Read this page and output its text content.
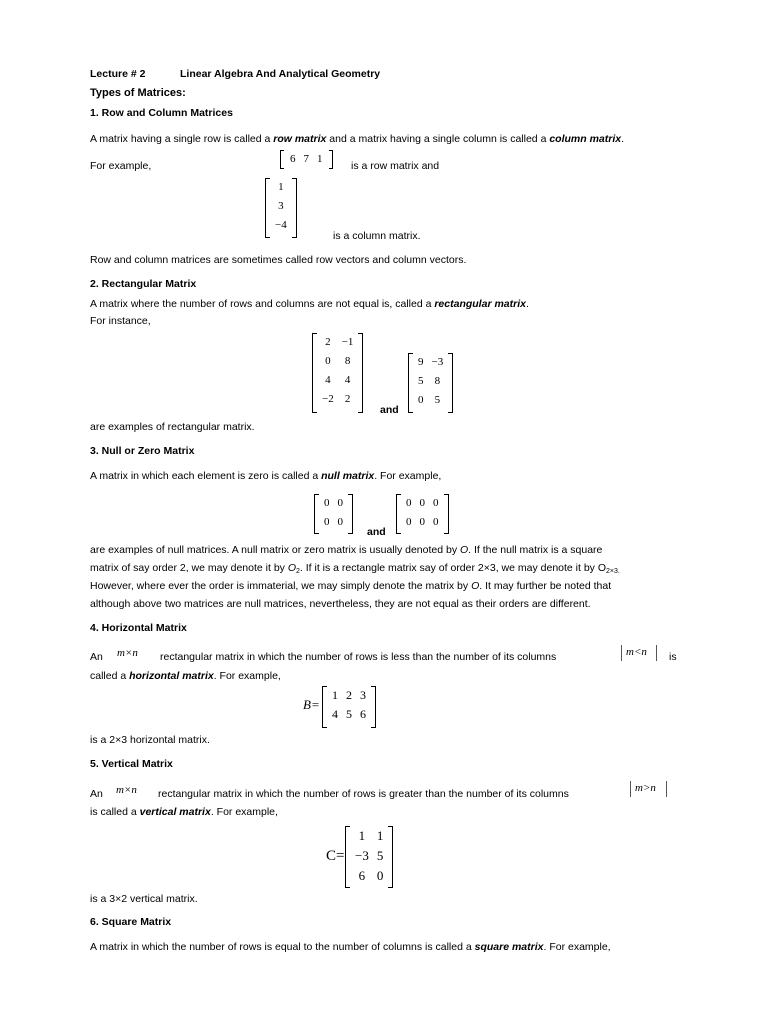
Lecture # 2	Linear Algebra And Analytical Geometry
Types of Matrices:
1. Row and Column Matrices
A matrix having a single row is called a row matrix and a matrix having a single column is called a column matrix.
For example,
6	7	1
is a row matrix and
1
3
−4
is a column matrix.
Row and column matrices are sometimes called row vectors and column vectors.
2. Rectangular Matrix
A matrix where the number of rows and columns are not equal is, called a rectangular matrix.
For instance,
2	−1
0	8
4	4
−2	2
and
9	−3
5	8
0	5
are examples of rectangular matrix.
3. Null or Zero Matrix
A matrix in which each element is zero is called a null matrix. For example,
0	0
0	0
and
0	0	0
0	0	0
are examples of null matrices. A null matrix or zero matrix is usually denoted by O. If the null matrix is a square
matrix of say order 2, we may denote it by $O_2$. If it is a rectangle matrix say of order 2×3, we may denote it by $O_{2\times 3.}$
However, where ever the order is immaterial, we may simply denote the matrix by O. It may further be noted that
although above two matrices are null matrices, nevertheless, they are not equal as their orders are different.
4. Horizontal Matrix
An m×n rectangular matrix in which the number of rows is less than the number of its columns	m<n is
called a horizontal matrix. For example,
B=
1	2	3
4	5	6
is a 2×3 horizontal matrix.
5. Vertical Matrix
An m×n rectangular matrix in which the number of rows is greater than the number of its columns	m>n
is called a vertical matrix. For example,
C=
1	1
−3	5
6	0
is a 3×2 vertical matrix.
6. Square Matrix
A matrix in which the number of rows is equal to the number of columns is called a square matrix. For example,
